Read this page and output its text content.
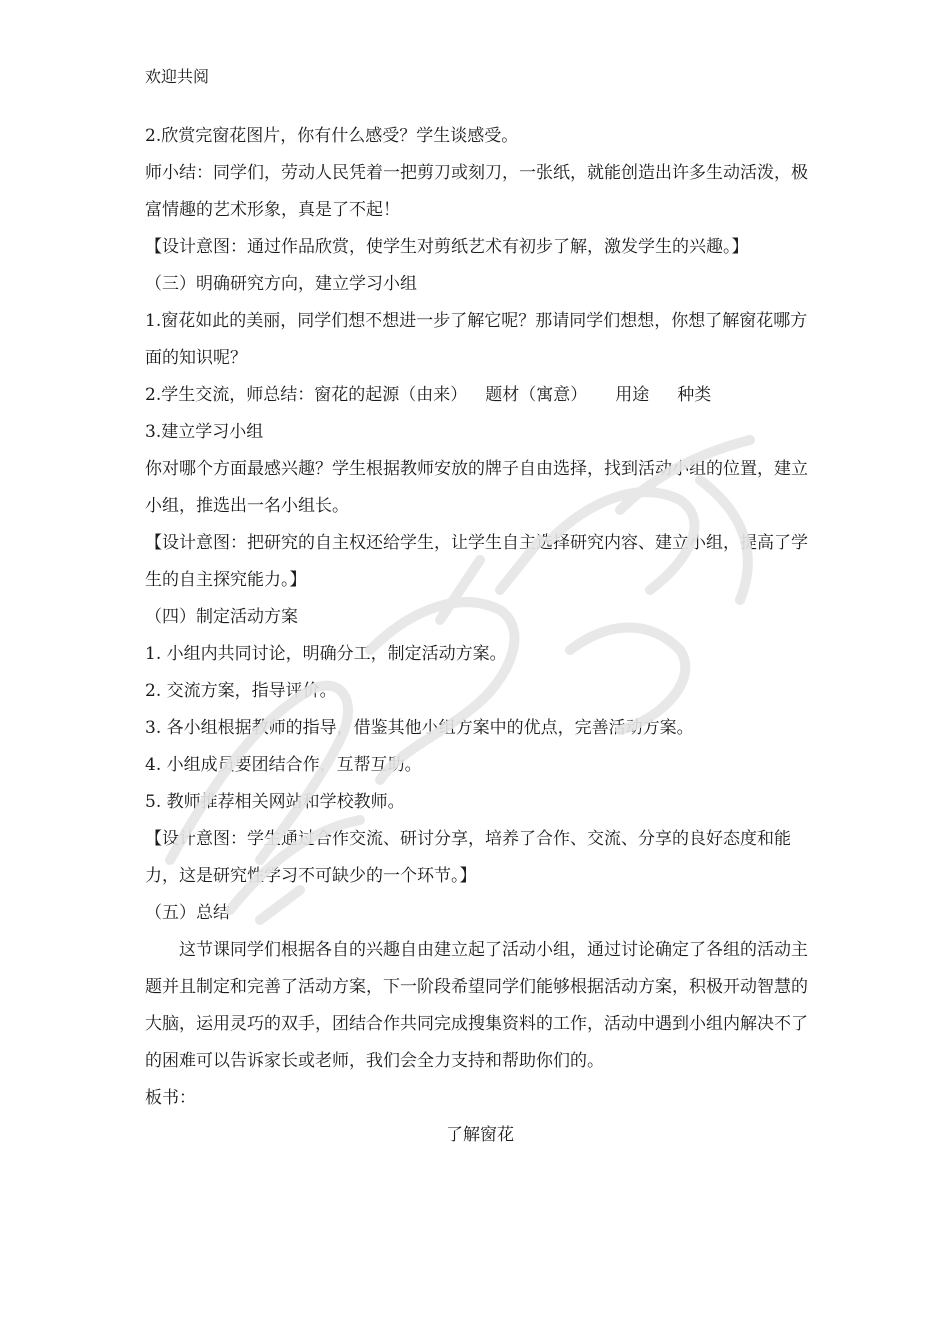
欢迎共阅

2.欣赏完窗花图片，你有什么感受？学生谈感受。

师小结：同学们，劳动人民凭着一把剪刀或刻刀，一张纸，就能创造出许多生动活泼，极富情趣的艺术形象，真是了不起！

【设计意图：通过作品欣赏，使学生对剪纸艺术有初步了解，激发学生的兴趣。】

（三）明确研究方向，建立学习小组

1.窗花如此的美丽，同学们想不想进一步了解它呢？那请同学们想想，你想了解窗花哪方面的知识呢？

2.学生交流，师总结：窗花的起源（由来） 题材（寓意） 用途 种类

3.建立学习小组

你对哪个方面最感兴趣？学生根据教师安放的牌子自由选择，找到活动小组的位置，建立小组，推选出一名小组长。

【设计意图：把研究的自主权还给学生，让学生自主选择研究内容、建立小组，提高了学生的自主探究能力。】

（四）制定活动方案

1. 小组内共同讨论，明确分工，制定活动方案。

2. 交流方案，指导评价。

3. 各小组根据教师的指导，借鉴其他小组方案中的优点，完善活动方案。

4. 小组成员要团结合作，互帮互助。

5. 教师推荐相关网站和学校教师。

【设计意图：学生通过合作交流、研讨分享，培养了合作、交流、分享的良好态度和能力，这是研究性学习不可缺少的一个环节。】

（五）总结

这节课同学们根据各自的兴趣自由建立起了活动小组，通过讨论确定了各组的活动主题并且制定和完善了活动方案，下一阶段希望同学们能够根据活动方案，积极开动智慧的大脑，运用灵巧的双手，团结合作共同完成搜集资料的工作，活动中遇到小组内解决不了的困难可以告诉家长或老师，我们会全力支持和帮助你们的。

板书：

了解窗花
